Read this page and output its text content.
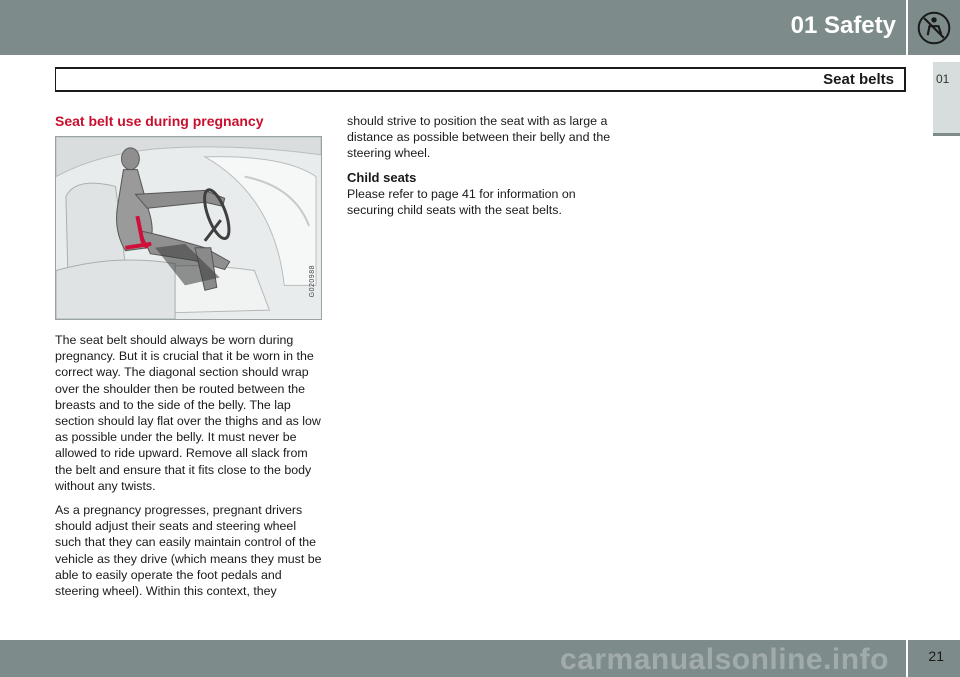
01 Safety
01
Seat belts
Seat belt use during pregnancy
G020988

The seat belt should always be worn during pregnancy. But it is crucial that it be worn in the correct way. The diagonal section should wrap over the shoulder then be routed between the breasts and to the side of the belly. The lap section should lay flat over the thighs and as low as possible under the belly. It must never be allowed to ride upward. Remove all slack from the belt and ensure that it fits close to the body without any twists.

As a pregnancy progresses, pregnant drivers should adjust their seats and steering wheel such that they can easily maintain control of the vehicle as they drive (which means they must be able to easily operate the foot pedals and steering wheel). Within this context, they

should strive to position the seat with as large a distance as possible between their belly and the steering wheel.

Child seats

Please refer to page 41 for information on securing child seats with the seat belts.

21
carmanualsonline.info
